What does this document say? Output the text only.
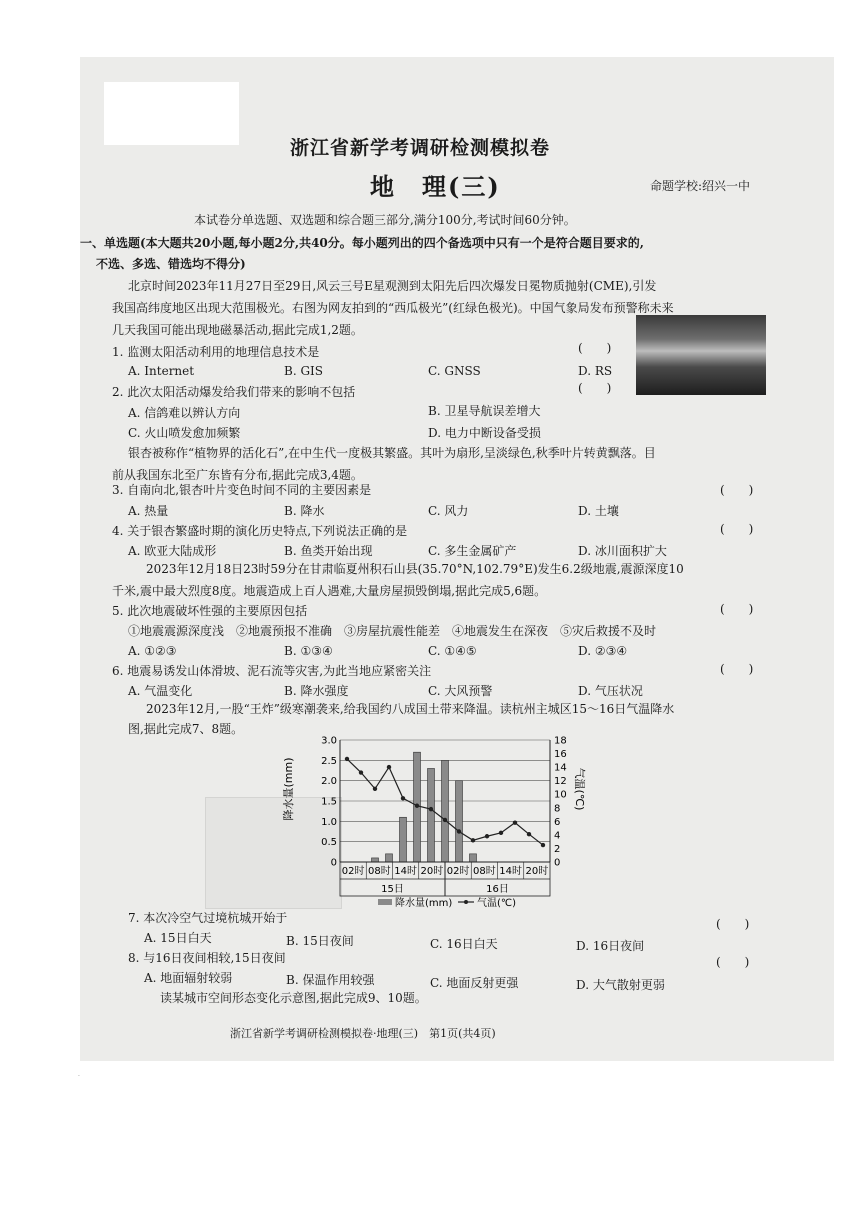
浙江省新学考调研检测模拟卷
地　理(三)	命题学校:绍兴一中
本试卷分单选题、双选题和综合题三部分,满分100分,考试时间60分钟。
一、单选题(本大题共20小题,每小题2分,共40分。每小题列出的四个备选项中只有一个是符合题目要求的,
不选、多选、错选均不得分)
北京时间2023年11月27日至29日,风云三号E星观测到太阳先后四次爆发日冕物质抛射(CME),引发
我国高纬度地区出现大范围极光。右图为网友拍到的“西瓜极光”(红绿色极光)。中国气象局发布预警称未来
几天我国可能出现地磁暴活动,据此完成1,2题。
1. 监测太阳活动利用的地理信息技术是	(　　)
A. Internet	B. GIS	C. GNSS	D. RS
2. 此次太阳活动爆发给我们带来的影响不包括	(　　)
A. 信鸽难以辨认方向	B. 卫星导航误差增大
C. 火山喷发愈加频繁	D. 电力中断设备受损
银杏被称作“植物界的活化石”,在中生代一度极其繁盛。其叶为扇形,呈淡绿色,秋季叶片转黄飘落。目
前从我国东北至广东皆有分布,据此完成3,4题。
3. 自南向北,银杏叶片变色时间不同的主要因素是	(　　)
A. 热量	B. 降水	C. 风力	D. 土壤
4. 关于银杏繁盛时期的演化历史特点,下列说法正确的是	(　　)
A. 欧亚大陆成形	B. 鱼类开始出现	C. 多生金属矿产	D. 冰川面积扩大
2023年12月18日23时59分在甘肃临夏州积石山县(35.70°N,102.79°E)发生6.2级地震,震源深度10
千米,震中最大烈度8度。地震造成上百人遇难,大量房屋损毁倒塌,据此完成5,6题。
5. 此次地震破坏性强的主要原因包括	(　　)
①地震震源深度浅　②地震预报不准确　③房屋抗震性能差　④地震发生在深夜　⑤灾后救援不及时
A. ①②③	B. ①③④	C. ①④⑤	D. ②③④
6. 地震易诱发山体滑坡、泥石流等灾害,为此当地应紧密关注	(　　)
A. 气温变化	B. 降水强度	C. 大风预警	D. 气压状况
2023年12月,一股“王炸”级寒潮袭来,给我国约八成国土带来降温。读杭州主城区15～16日气温降水
图,据此完成7、8题。
3.0
2.5
2.0
1.5
1.0
0.5
0
18
16
14
12
10
8
6
4
2
0
02时 08时 14时 20时 02时 08时 14时 20时
15日	16日
降水量(mm)	气温(℃)
降水量(mm) 气温(℃)
7. 本次冷空气过境杭城开始于	(　　)
A. 15日白天	B. 15日夜间	C. 16日白天	D. 16日夜间
8. 与16日夜间相较,15日夜间	(　　)
A. 地面辐射较弱	B. 保温作用较强	C. 地面反射更强	D. 大气散射更弱
读某城市空间形态变化示意图,据此完成9、10题。
浙江省新学考调研检测模拟卷·地理(三)　第1页(共4页)
·
